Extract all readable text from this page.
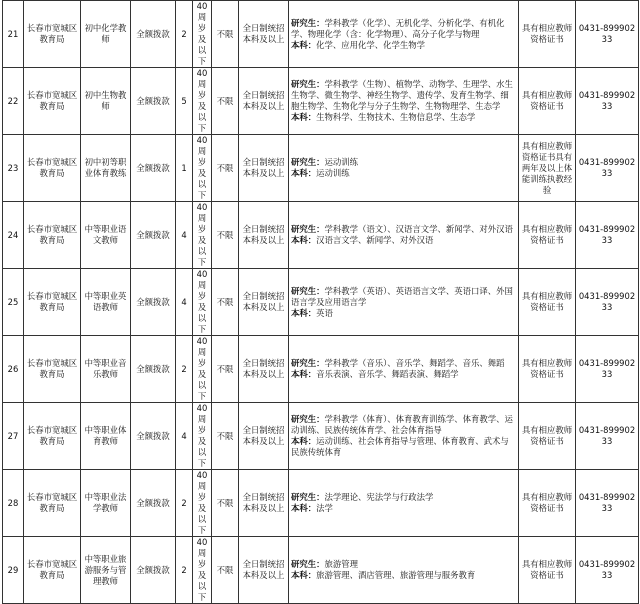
21	长春市宽城区教育局	初中化学教师	全额拨款	2	40周岁及以下	不限	全日制统招本科及以上	研究生：学科教学（化学）、无机化学、分析化学、有机化学、物理化学（含：化学物理）、高分子化学与物理
本科：化学、应用化学、化学生物学	具有相应教师资格证书	0431-89990233
22	长春市宽城区教育局	初中生物教师	全额拨款	5	40周岁及以下	不限	全日制统招本科及以上	研究生：学科教学（生物）、植物学、动物学、生理学、水生生物学、微生物学、神经生物学、遗传学、发育生物学、细胞生物学、生物化学与分子生物学、生物物理学、生态学
本科：生物科学、生物技术、生物信息学、生态学	具有相应教师资格证书	0431-89990233
23	长春市宽城区教育局	初中初等职业体育教练	全额拨款	1	40周岁及以下	不限	全日制统招本科及以上	研究生：运动训练
本科：运动训练	具有相应教师资格证书具有两年及以上体能训练执教经验	0431-89990233
24	长春市宽城区教育局	中等职业语文教师	全额拨款	4	40周岁及以下	不限	全日制统招本科及以上	研究生：学科教学（语文）、汉语言文学、新闻学、对外汉语
本科：汉语言文学、新闻学、对外汉语	具有相应教师资格证书	0431-89990233
25	长春市宽城区教育局	中等职业英语教师	全额拨款	4	40周岁及以下	不限	全日制统招本科及以上	研究生：学科教学（英语）、英语语言文学、英语口译、外国语言学及应用语言学
本科：英语	具有相应教师资格证书	0431-89990233
26	长春市宽城区教育局	中等职业音乐教师	全额拨款	2	40周岁及以下	不限	全日制统招本科及以上	研究生：学科教学（音乐）、音乐学、舞蹈学、音乐、舞蹈
本科：音乐表演、音乐学、舞蹈表演、舞蹈学	具有相应教师资格证书	0431-89990233
27	长春市宽城区教育局	中等职业体育教师	全额拨款	4	40周岁及以下	不限	全日制统招本科及以上	研究生：学科教学（体育）、体育教育训练学、体育教学、运动训练、民族传统体育学、社会体育指导
本科：运动训练、社会体育指导与管理、体育教育、武术与民族传统体育	具有相应教师资格证书	0431-89990233
28	长春市宽城区教育局	中等职业法学教师	全额拨款	2	40周岁及以下	不限	全日制统招本科及以上	研究生：法学理论、宪法学与行政法学
本科：法学	具有相应教师资格证书	0431-89990233
29	长春市宽城区教育局	中等职业旅游服务与管理教师	全额拨款	2	40周岁及以下	不限	全日制统招本科及以上	研究生：旅游管理
本科：旅游管理、酒店管理、旅游管理与服务教育	具有相应教师资格证书	0431-89990233
